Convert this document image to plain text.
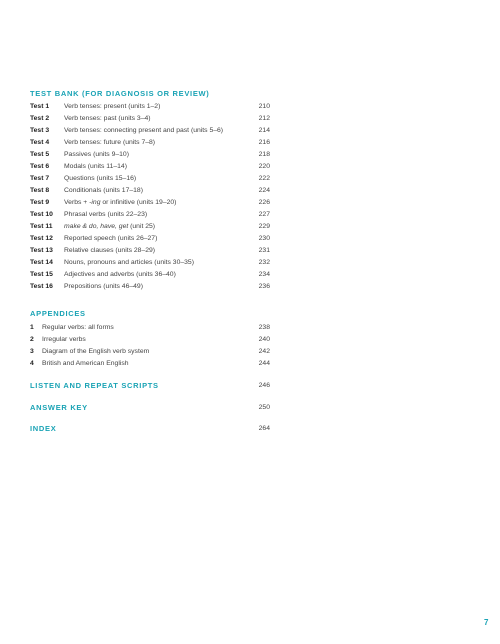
TEST BANK (FOR DIAGNOSIS OR REVIEW)
Test 1 Verb tenses: present (units 1–2)	210
Test 2 Verb tenses: past (units 3–4)	212
Test 3 Verb tenses: connecting present and past (units 5–6)	214
Test 4 Verb tenses: future (units 7–8)	216
Test 5 Passives (units 9–10)	218
Test 6 Modals (units 11–14)	220
Test 7 Questions (units 15–16)	222
Test 8 Conditionals (units 17–18)	224
Test 9 Verbs + -ing or infinitive (units 19–20)	226
Test 10 Phrasal verbs (units 22–23)	227
Test 11 make & do, have, get (unit 25)	229
Test 12 Reported speech (units 26–27)	230
Test 13 Relative clauses (units 28–29)	231
Test 14 Nouns, pronouns and articles (units 30–35)	232
Test 15 Adjectives and adverbs (units 36–40)	234
Test 16 Prepositions (units 46–49)	236
APPENDICES
1 Regular verbs: all forms	238
2 Irregular verbs	240
3 Diagram of the English verb system	242
4 British and American English	244
LISTEN AND REPEAT SCRIPTS	246
ANSWER KEY	250
INDEX	264
7
